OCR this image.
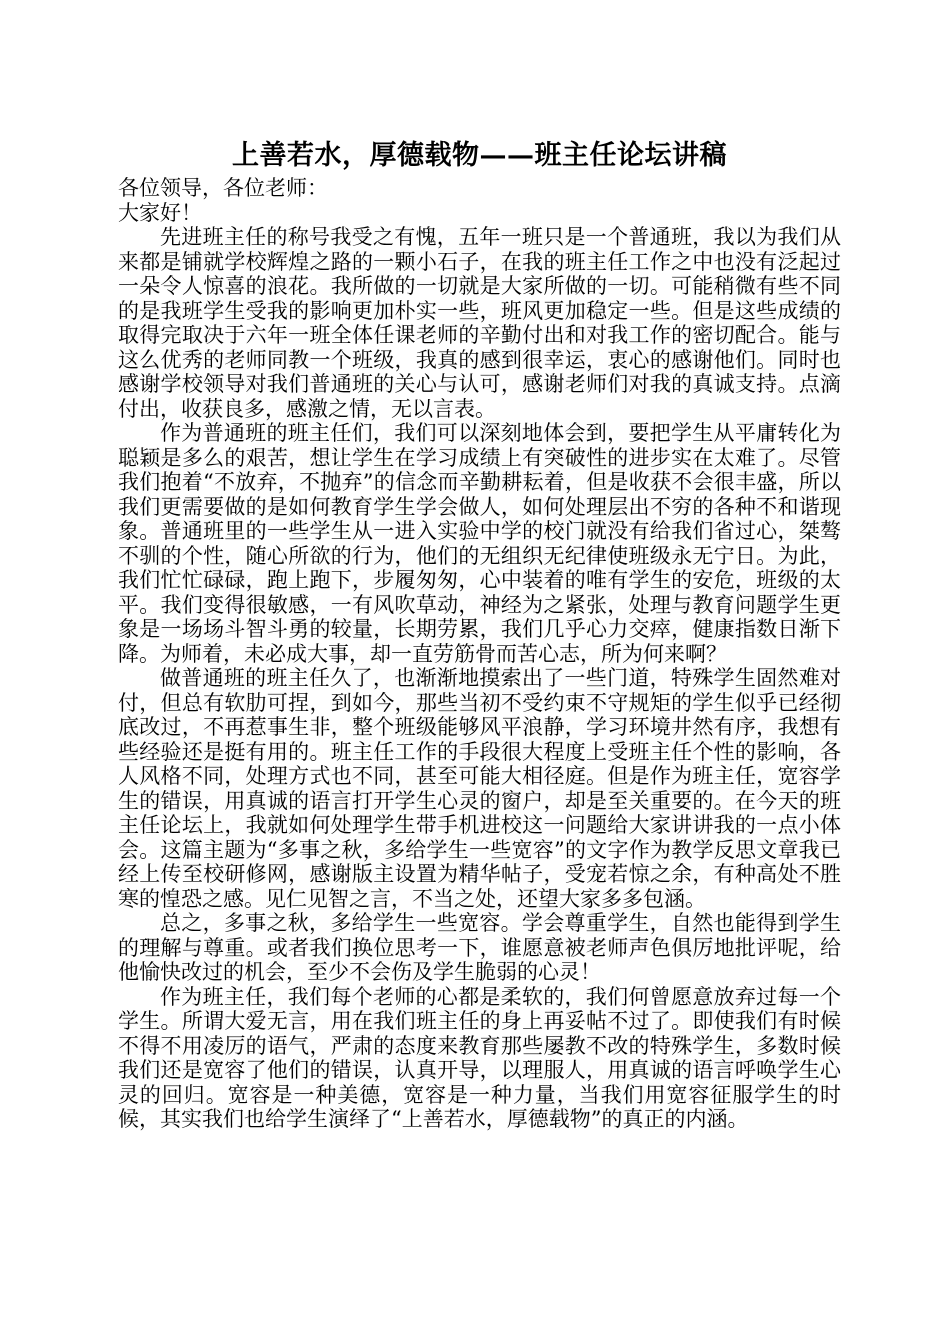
上善若水，厚德载物——班主任论坛讲稿

各位领导，各位老师：

大家好！

先进班主任的称号我受之有愧，五年一班只是一个普通班，我以为我们从来都是铺就学校辉煌之路的一颗小石子，在我的班主任工作之中也没有泛起过一朵令人惊喜的浪花。我所做的一切就是大家所做的一切。可能稍微有些不同的是我班学生受我的影响更加朴实一些，班风更加稳定一些。但是这些成绩的取得完取决于六年一班全体任课老师的辛勤付出和对我工作的密切配合。能与这么优秀的老师同教一个班级，我真的感到很幸运，衷心的感谢他们。同时也感谢学校领导对我们普通班的关心与认可，感谢老师们对我的真诚支持。点滴付出，收获良多，感激之情，无以言表。

作为普通班的班主任们，我们可以深刻地体会到，要把学生从平庸转化为聪颖是多么的艰苦，想让学生在学习成绩上有突破性的进步实在太难了。尽管我们抱着“不放弃，不抛弃”的信念而辛勤耕耘着，但是收获不会很丰盛，所以我们更需要做的是如何教育学生学会做人，如何处理层出不穷的各种不和谐现象。普通班里的一些学生从一进入实验中学的校门就没有给我们省过心，桀骜不驯的个性，随心所欲的行为，他们的无组织无纪律使班级永无宁日。为此，我们忙忙碌碌，跑上跑下，步履匆匆，心中装着的唯有学生的安危，班级的太平。我们变得很敏感，一有风吹草动，神经为之紧张，处理与教育问题学生更象是一场场斗智斗勇的较量，长期劳累，我们几乎心力交瘁，健康指数日渐下降。为师着，未必成大事，却一直劳筋骨而苦心志，所为何来啊？

做普通班的班主任久了，也渐渐地摸索出了一些门道，特殊学生固然难对付，但总有软肋可捏，到如今，那些当初不受约束不守规矩的学生似乎已经彻底改过，不再惹事生非，整个班级能够风平浪静，学习环境井然有序，我想有些经验还是挺有用的。班主任工作的手段很大程度上受班主任个性的影响，各人风格不同，处理方式也不同，甚至可能大相径庭。但是作为班主任，宽容学生的错误，用真诚的语言打开学生心灵的窗户，却是至关重要的。在今天的班主任论坛上，我就如何处理学生带手机进校这一问题给大家讲讲我的一点小体会。这篇主题为“多事之秋，多给学生一些宽容”的文字作为教学反思文章我已经上传至校研修网，感谢版主设置为精华帖子，受宠若惊之余，有种高处不胜寒的惶恐之感。见仁见智之言，不当之处，还望大家多多包涵。

总之，多事之秋，多给学生一些宽容。学会尊重学生，自然也能得到学生的理解与尊重。或者我们换位思考一下，谁愿意被老师声色俱厉地批评呢，给他愉快改过的机会，至少不会伤及学生脆弱的心灵！

作为班主任，我们每个老师的心都是柔软的，我们何曾愿意放弃过每一个学生。所谓大爱无言，用在我们班主任的身上再妥帖不过了。即使我们有时候不得不用凌厉的语气，严肃的态度来教育那些屡教不改的特殊学生，多数时候我们还是宽容了他们的错误，认真开导，以理服人，用真诚的语言呼唤学生心灵的回归。宽容是一种美德，宽容是一种力量，当我们用宽容征服学生的时候，其实我们也给学生演绎了“上善若水，厚德载物”的真正的内涵。
